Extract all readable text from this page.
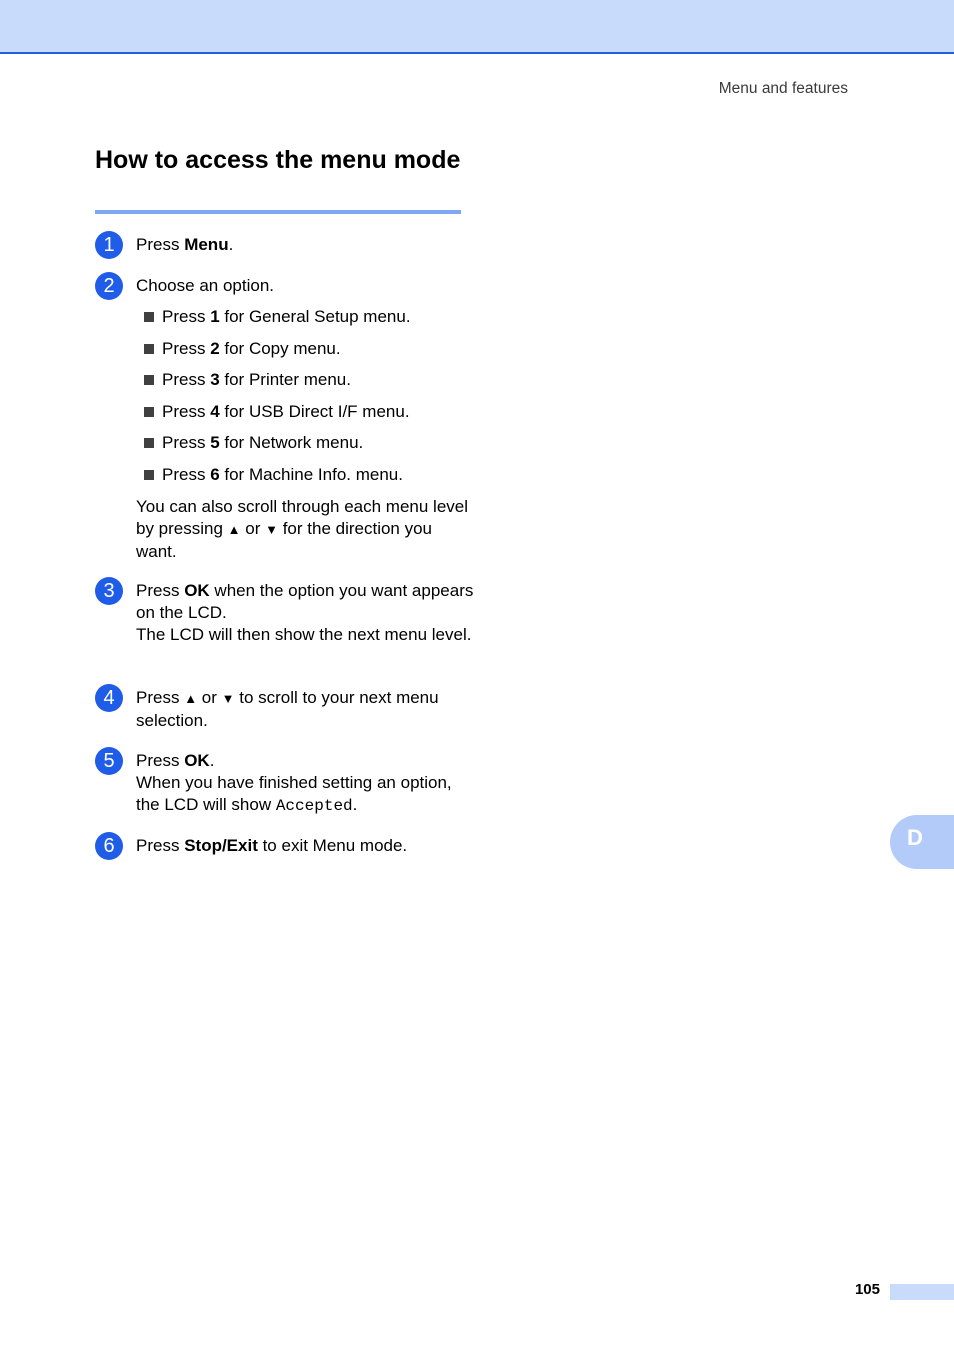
Menu and features
How to access the menu mode
1	Press Menu.
2	Choose an option.
Press 1 for General Setup menu.
Press 2 for Copy menu.
Press 3 for Printer menu.
Press 4 for USB Direct I/F menu.
Press 5 for Network menu.
Press 6 for Machine Info. menu.
You can also scroll through each menu level by pressing ▲ or ▼ for the direction you want.
3	Press OK when the option you want appears on the LCD.
The LCD will then show the next menu level.
4	Press ▲ or ▼ to scroll to your next menu selection.
5	Press OK.
When you have finished setting an option, the LCD will show Accepted.
6	Press Stop/Exit to exit Menu mode.	D
105
